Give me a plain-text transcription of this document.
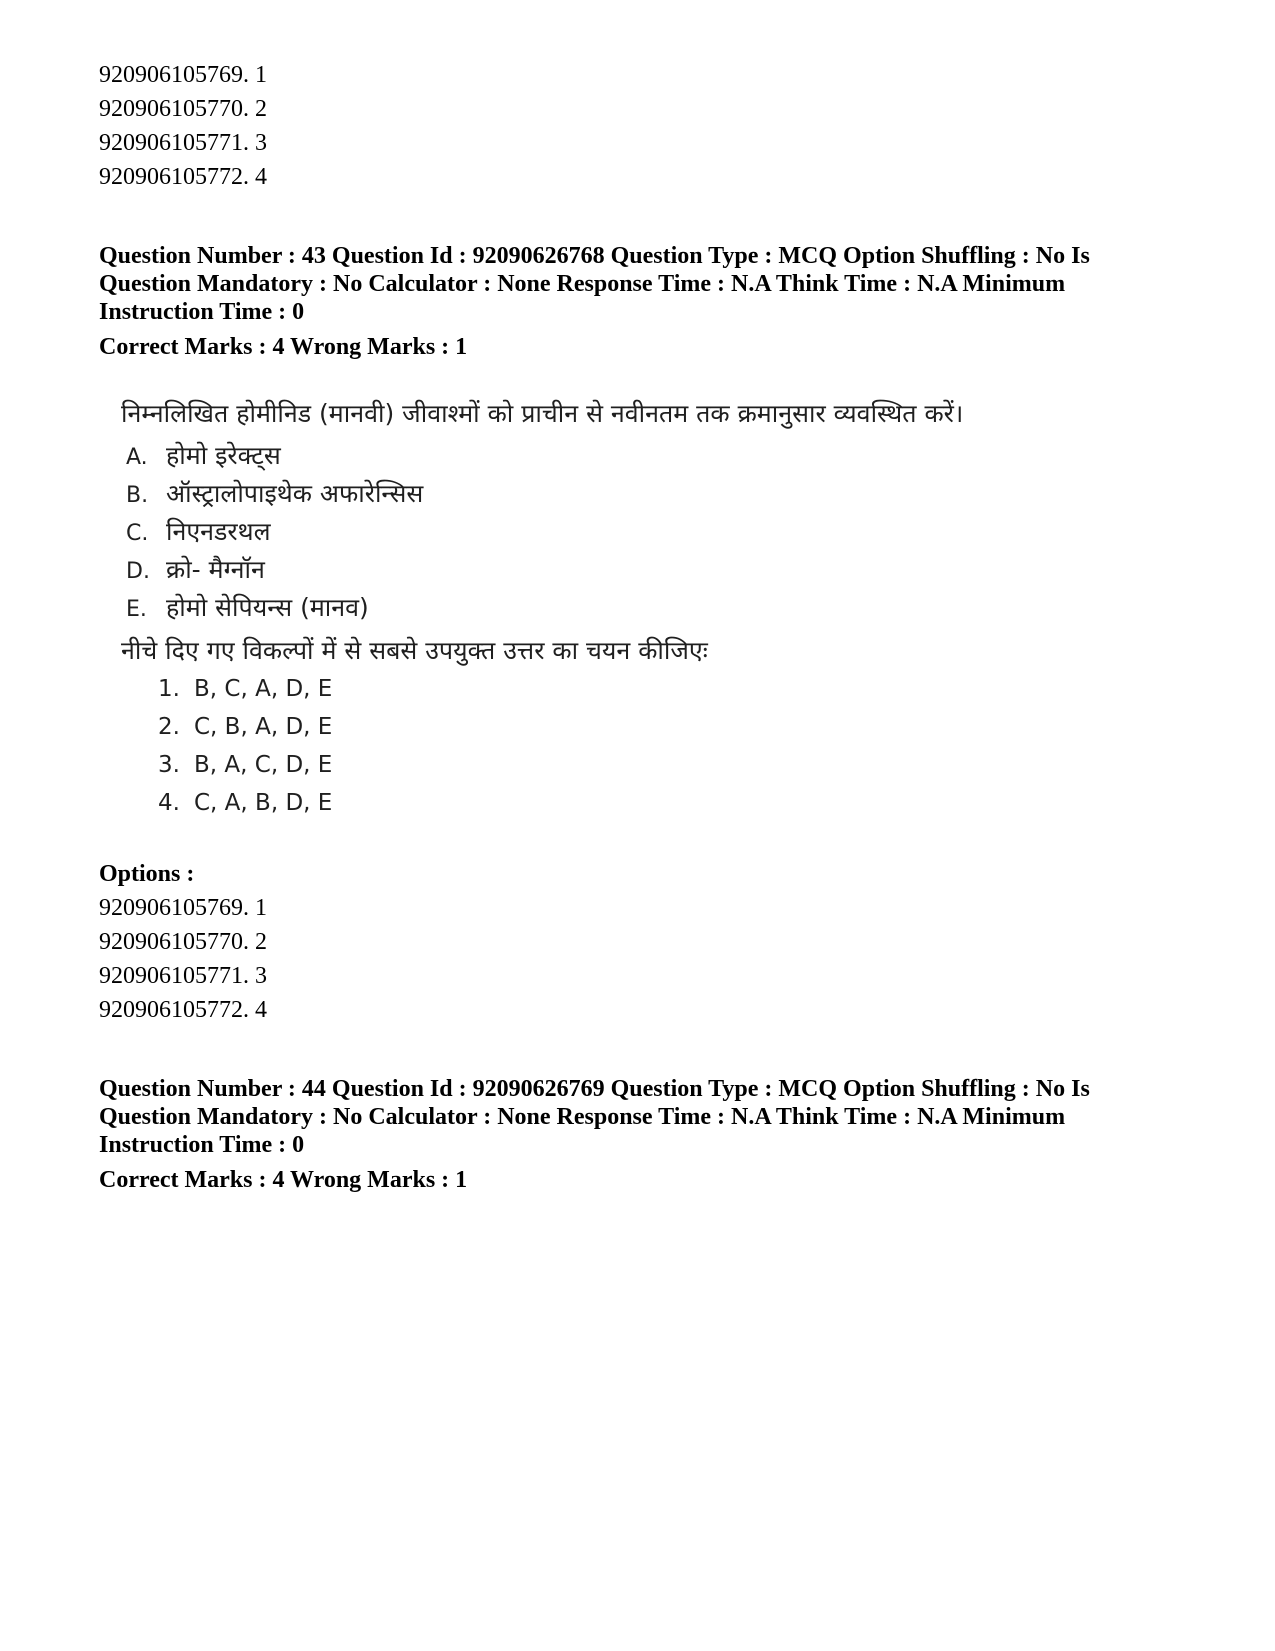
920906105769. 1
920906105770. 2
920906105771. 3
920906105772. 4
Question Number : 43 Question Id : 92090626768 Question Type : MCQ Option Shuffling : No Is Question Mandatory : No Calculator : None Response Time : N.A Think Time : N.A Minimum Instruction Time : 0
Correct Marks : 4 Wrong Marks : 1
निम्नलिखित होमीनिड (मानवी) जीवाश्मों को प्राचीन से नवीनतम तक क्रमानुसार व्यवस्थित करें।
A. होमो इरेक्ट्स
B. ऑस्ट्रालोपाइथेक अफारेन्सिस
C. निएनडरथल
D. क्रो- मैग्नॉन
E. होमो सेपियन्स (मानव)
नीचे दिए गए विकल्पों में से सबसे उपयुक्त उत्तर का चयन कीजिएः
1. B, C, A, D, E
2. C, B, A, D, E
3. B, A, C, D, E
4. C, A, B, D, E
Options :
920906105769. 1
920906105770. 2
920906105771. 3
920906105772. 4
Question Number : 44 Question Id : 92090626769 Question Type : MCQ Option Shuffling : No Is Question Mandatory : No Calculator : None Response Time : N.A Think Time : N.A Minimum Instruction Time : 0
Correct Marks : 4 Wrong Marks : 1
